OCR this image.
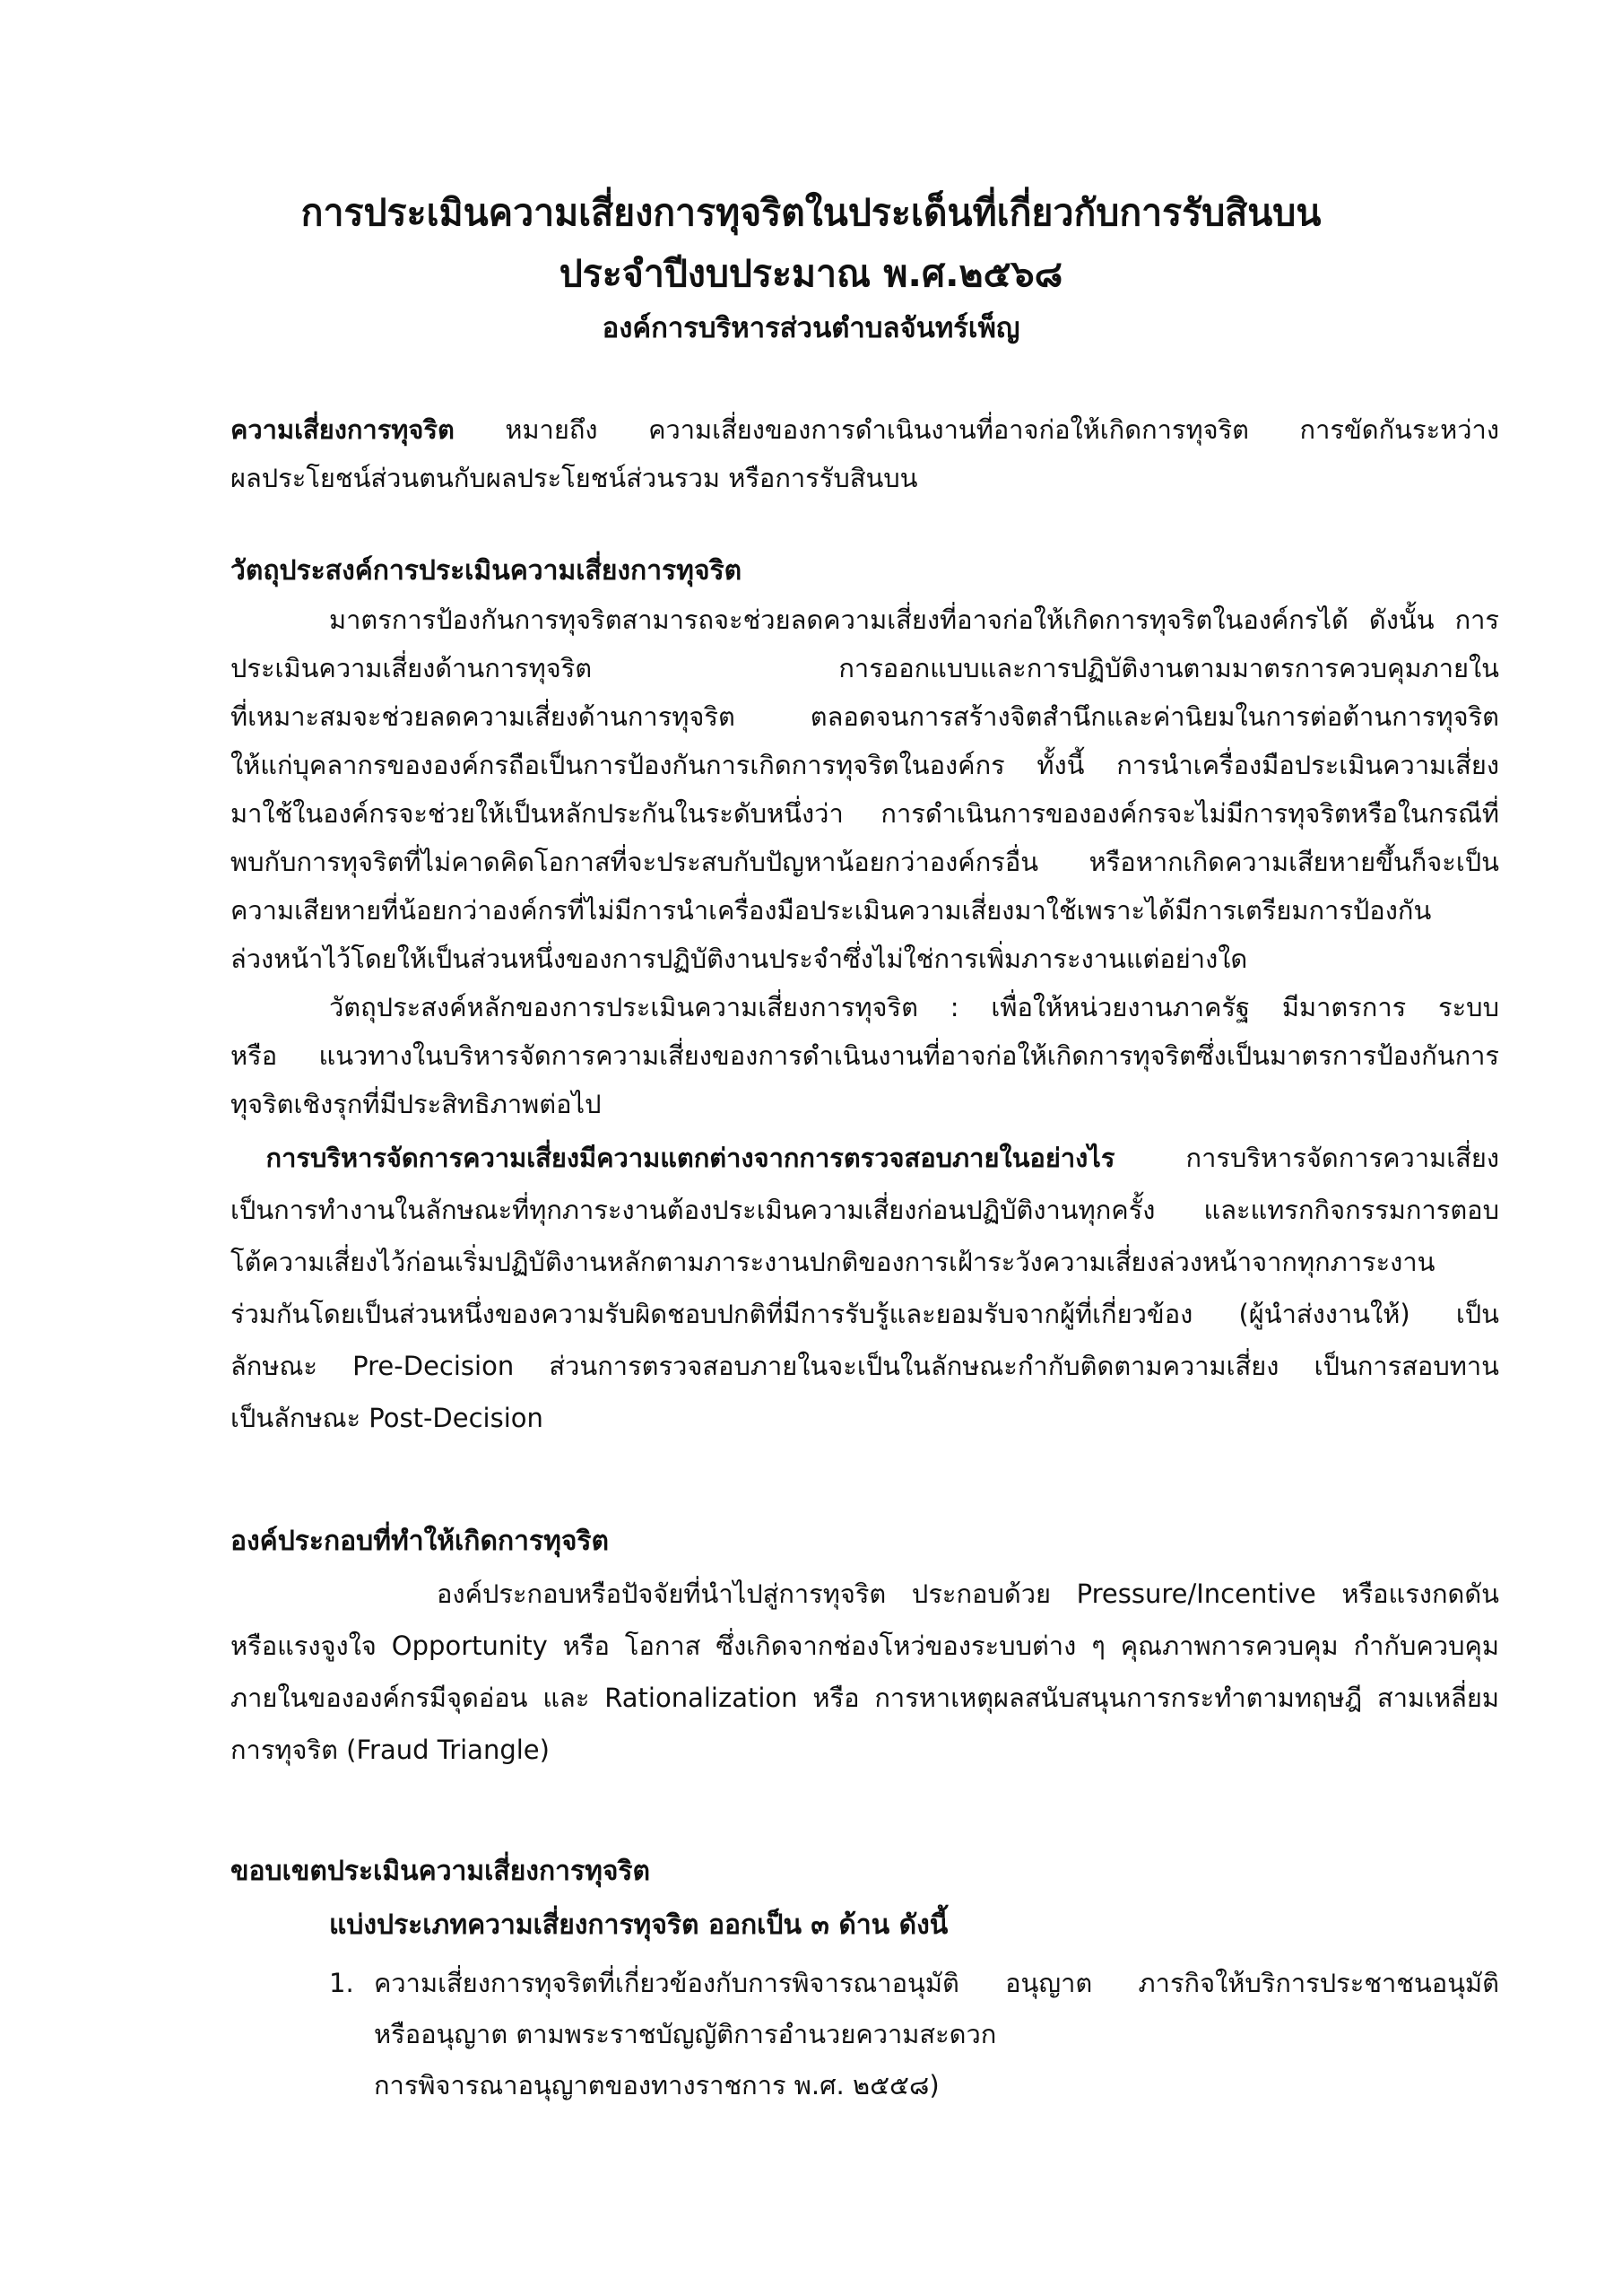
การประเมินความเสี่ยงการทุจริตในประเด็นที่เกี่ยวกับการรับสินบน
ประจำปีงบประมาณ พ.ศ.๒๕๖๘
องค์การบริหารส่วนตำบลจันทร์เพ็ญ
ความเสี่ยงการทุจริต หมายถึง ความเสี่ยงของการดำเนินงานที่อาจก่อให้เกิดการทุจริต การขัดกันระหว่าง
ผลประโยชน์ส่วนตนกับผลประโยชน์ส่วนรวม หรือการรับสินบน
วัตถุประสงค์การประเมินความเสี่ยงการทุจริต
มาตรการป้องกันการทุจริตสามารถจะช่วยลดความเสี่ยงที่อาจก่อให้เกิดการทุจริตในองค์กรได้ ดังนั้น การ
ประเมินความเสี่ยงด้านการทุจริต การออกแบบและการปฏิบัติงานตามมาตรการควบคุมภายใน
ที่เหมาะสมจะช่วยลดความเสี่ยงด้านการทุจริต ตลอดจนการสร้างจิตสำนึกและค่านิยมในการต่อต้านการทุจริต
ให้แก่บุคลากรขององค์กรถือเป็นการป้องกันการเกิดการทุจริตในองค์กร ทั้งนี้ การนำเครื่องมือประเมินความเสี่ยง
มาใช้ในองค์กรจะช่วยให้เป็นหลักประกันในระดับหนึ่งว่า การดำเนินการขององค์กรจะไม่มีการทุจริตหรือในกรณีที่
พบกับการทุจริตที่ไม่คาดคิดโอกาสที่จะประสบกับปัญหาน้อยกว่าองค์กรอื่น หรือหากเกิดความเสียหายขึ้นก็จะเป็น
ความเสียหายที่น้อยกว่าองค์กรที่ไม่มีการนำเครื่องมือประเมินความเสี่ยงมาใช้เพราะได้มีการเตรียมการป้องกัน
ล่วงหน้าไว้โดยให้เป็นส่วนหนึ่งของการปฏิบัติงานประจำซึ่งไม่ใช่การเพิ่มภาระงานแต่อย่างใด
วัตถุประสงค์หลักของการประเมินความเสี่ยงการทุจริต : เพื่อให้หน่วยงานภาครัฐ มีมาตรการ ระบบ
หรือ แนวทางในบริหารจัดการความเสี่ยงของการดำเนินงานที่อาจก่อให้เกิดการทุจริตซึ่งเป็นมาตรการป้องกันการ
ทุจริตเชิงรุกที่มีประสิทธิภาพต่อไป
การบริหารจัดการความเสี่ยงมีความแตกต่างจากการตรวจสอบภายในอย่างไร	การบริหารจัดการความเสี่ยง
เป็นการทำงานในลักษณะที่ทุกภาระงานต้องประเมินความเสี่ยงก่อนปฏิบัติงานทุกครั้ง และแทรกกิจกรรมการตอบ
โต้ความเสี่ยงไว้ก่อนเริ่มปฏิบัติงานหลักตามภาระงานปกติของการเฝ้าระวังความเสี่ยงล่วงหน้าจากทุกภาระงาน
ร่วมกันโดยเป็นส่วนหนึ่งของความรับผิดชอบปกติที่มีการรับรู้และยอมรับจากผู้ที่เกี่ยวข้อง (ผู้นำส่งงานให้) เป็น
ลักษณะ Pre-Decision ส่วนการตรวจสอบภายในจะเป็นในลักษณะกำกับติดตามความเสี่ยง เป็นการสอบทาน
เป็นลักษณะ Post-Decision
องค์ประกอบที่ทำให้เกิดการทุจริต
องค์ประกอบหรือปัจจัยที่นำไปสู่การทุจริต ประกอบด้วย Pressure/Incentive หรือแรงกดดัน
หรือแรงจูงใจ Opportunity หรือ โอกาส ซึ่งเกิดจากช่องโหว่ของระบบต่าง ๆ คุณภาพการควบคุม กำกับควบคุม
ภายในขององค์กรมีจุดอ่อน และ Rationalization หรือ การหาเหตุผลสนับสนุนการกระทำตามทฤษฎี สามเหลี่ยม
การทุจริต (Fraud Triangle)
ขอบเขตประเมินความเสี่ยงการทุจริต
แบ่งประเภทความเสี่ยงการทุจริต ออกเป็น ๓ ด้าน ดังนี้
1. ความเสี่ยงการทุจริตที่เกี่ยวข้องกับการพิจารณาอนุมัติ อนุญาต ภารกิจให้บริการประชาชนอนุมัติ
หรืออนุญาต ตามพระราชบัญญัติการอำนวยความสะดวก
การพิจารณาอนุญาตของทางราชการ พ.ศ. ๒๕๕๘)
